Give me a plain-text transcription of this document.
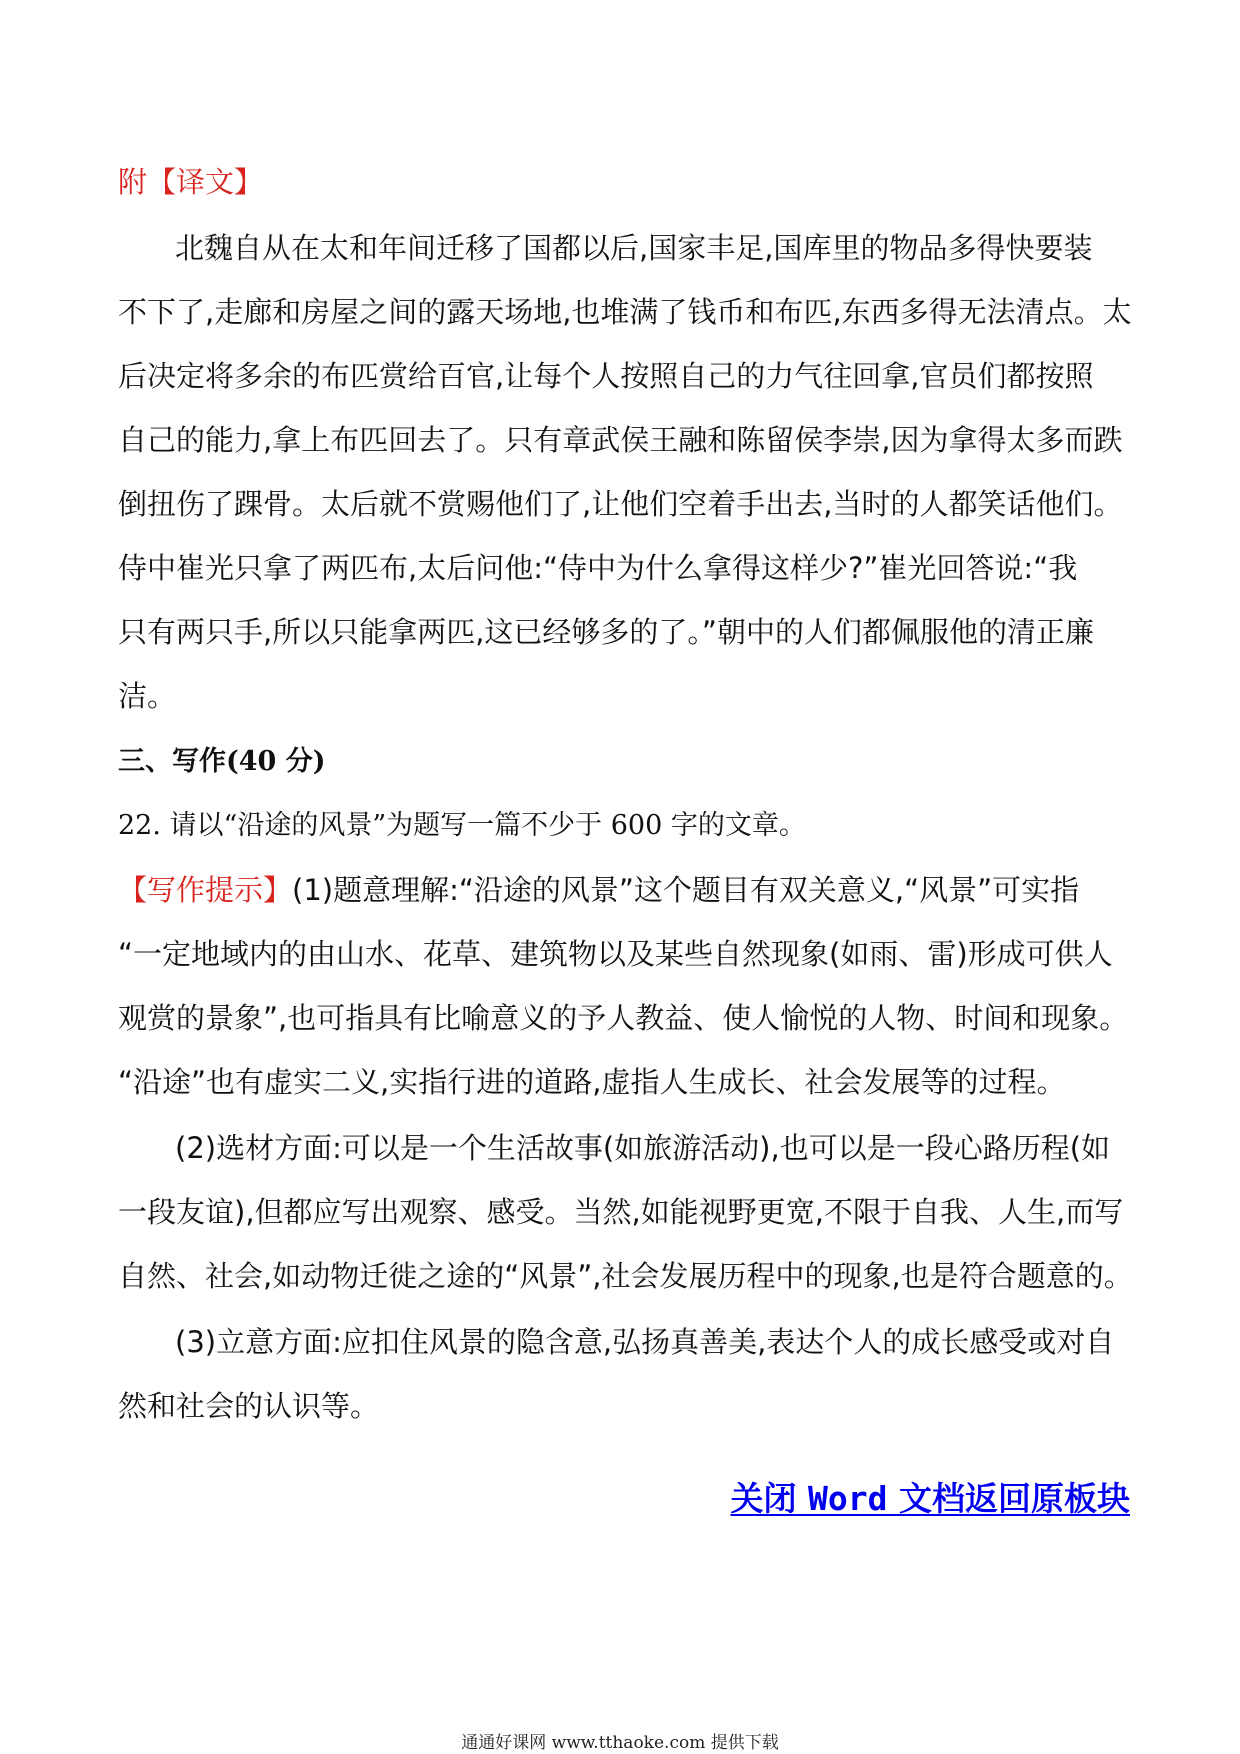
附【译文】
北魏自从在太和年间迁移了国都以后,国家丰足,国库里的物品多得快要装
不下了,走廊和房屋之间的露天场地,也堆满了钱币和布匹,东西多得无法清点。太
后决定将多余的布匹赏给百官,让每个人按照自己的力气往回拿,官员们都按照
自己的能力,拿上布匹回去了。只有章武侯王融和陈留侯李崇,因为拿得太多而跌
倒扭伤了踝骨。太后就不赏赐他们了,让他们空着手出去,当时的人都笑话他们。
侍中崔光只拿了两匹布,太后问他:“侍中为什么拿得这样少?”崔光回答说:“我
只有两只手,所以只能拿两匹,这已经够多的了。”朝中的人们都佩服他的清正廉
洁。
三、写作(40 分)
22. 请以“沿途的风景”为题写一篇不少于 600 字的文章。
【写作提示】(1)题意理解:“沿途的风景”这个题目有双关意义,“风景”可实指
“一定地域内的由山水、花草、建筑物以及某些自然现象(如雨、雷)形成可供人
观赏的景象”,也可指具有比喻意义的予人教益、使人愉悦的人物、时间和现象。
“沿途”也有虚实二义,实指行进的道路,虚指人生成长、社会发展等的过程。
(2)选材方面:可以是一个生活故事(如旅游活动),也可以是一段心路历程(如
一段友谊),但都应写出观察、感受。当然,如能视野更宽,不限于自我、人生,而写
自然、社会,如动物迁徙之途的“风景”,社会发展历程中的现象,也是符合题意的。
(3)立意方面:应扣住风景的隐含意,弘扬真善美,表达个人的成长感受或对自
然和社会的认识等。
关闭 Word 文档返回原板块
通通好课网 www.tthaoke.com 提供下载
